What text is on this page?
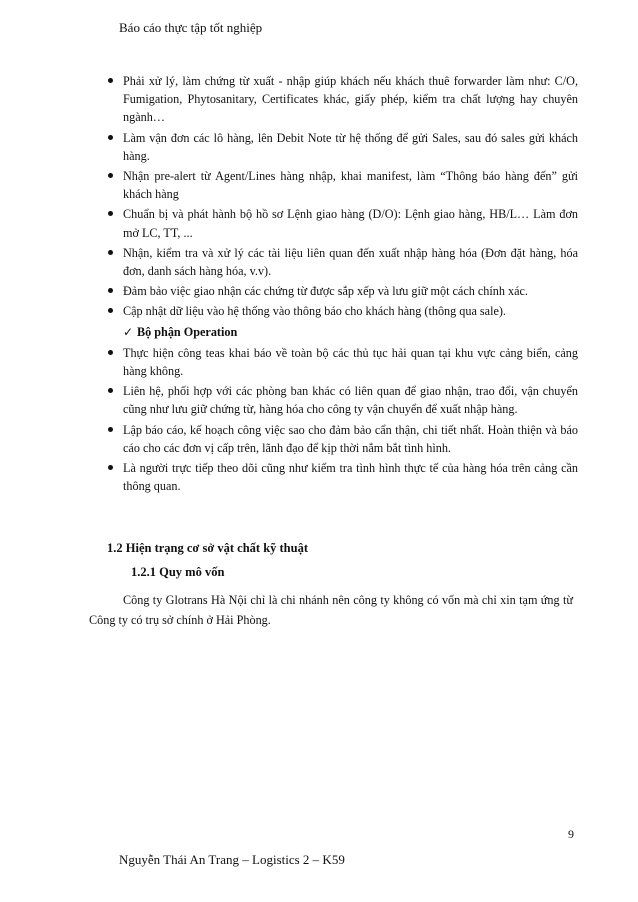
Báo cáo thực tập tốt nghiệp
Phải xử lý, làm chứng từ xuất - nhập giúp khách nếu khách thuê forwarder làm như: C/O, Fumigation, Phytosanitary, Certificates khác, giấy phép, kiểm tra chất lượng hay chuyên ngành…
Làm vận đơn các lô hàng, lên Debit Note từ hệ thống để gửi Sales, sau đó sales gửi khách hàng.
Nhận pre-alert từ Agent/Lines hàng nhập, khai manifest, làm “Thông báo hàng đến” gửi khách hàng
Chuẩn bị và phát hành bộ hồ sơ Lệnh giao hàng (D/O): Lệnh giao hàng, HB/L… Làm đơn mở LC, TT, ...
Nhận, kiểm tra và xử lý các tài liệu liên quan đến xuất nhập hàng hóa (Đơn đặt hàng, hóa đơn, danh sách hàng hóa, v.v).
Đảm bảo việc giao nhận các chứng từ được sắp xếp và lưu giữ một cách chính xác.
Cập nhật dữ liệu vào hệ thống vào thông báo cho khách hàng (thông qua sale).
✓ Bộ phận Operation
Thực hiện công teas khai báo về toàn bộ các thủ tục hải quan tại khu vực cảng biển, cảng hàng không.
Liên hệ, phối hợp với các phòng ban khác có liên quan để giao nhận, trao đổi, vận chuyển cũng như lưu giữ chứng từ, hàng hóa cho công ty vận chuyển để xuất nhập hàng.
Lập báo cáo, kế hoạch công việc sao cho đảm bảo cẩn thận, chi tiết nhất. Hoàn thiện và báo cáo cho các đơn vị cấp trên, lãnh đạo để kịp thời nắm bắt tình hình.
Là người trực tiếp theo dõi cũng như kiểm tra tình hình thực tế của hàng hóa trên cảng cần thông quan.
1.2 Hiện trạng cơ sở vật chất kỹ thuật
1.2.1 Quy mô vốn
Công ty Glotrans Hà Nội chỉ là chi nhánh nên công ty không có vốn mà chỉ xin tạm ứng từ Công ty có trụ sở chính ở Hải Phòng.
9
Nguyễn Thái An Trang – Logistics 2 – K59
